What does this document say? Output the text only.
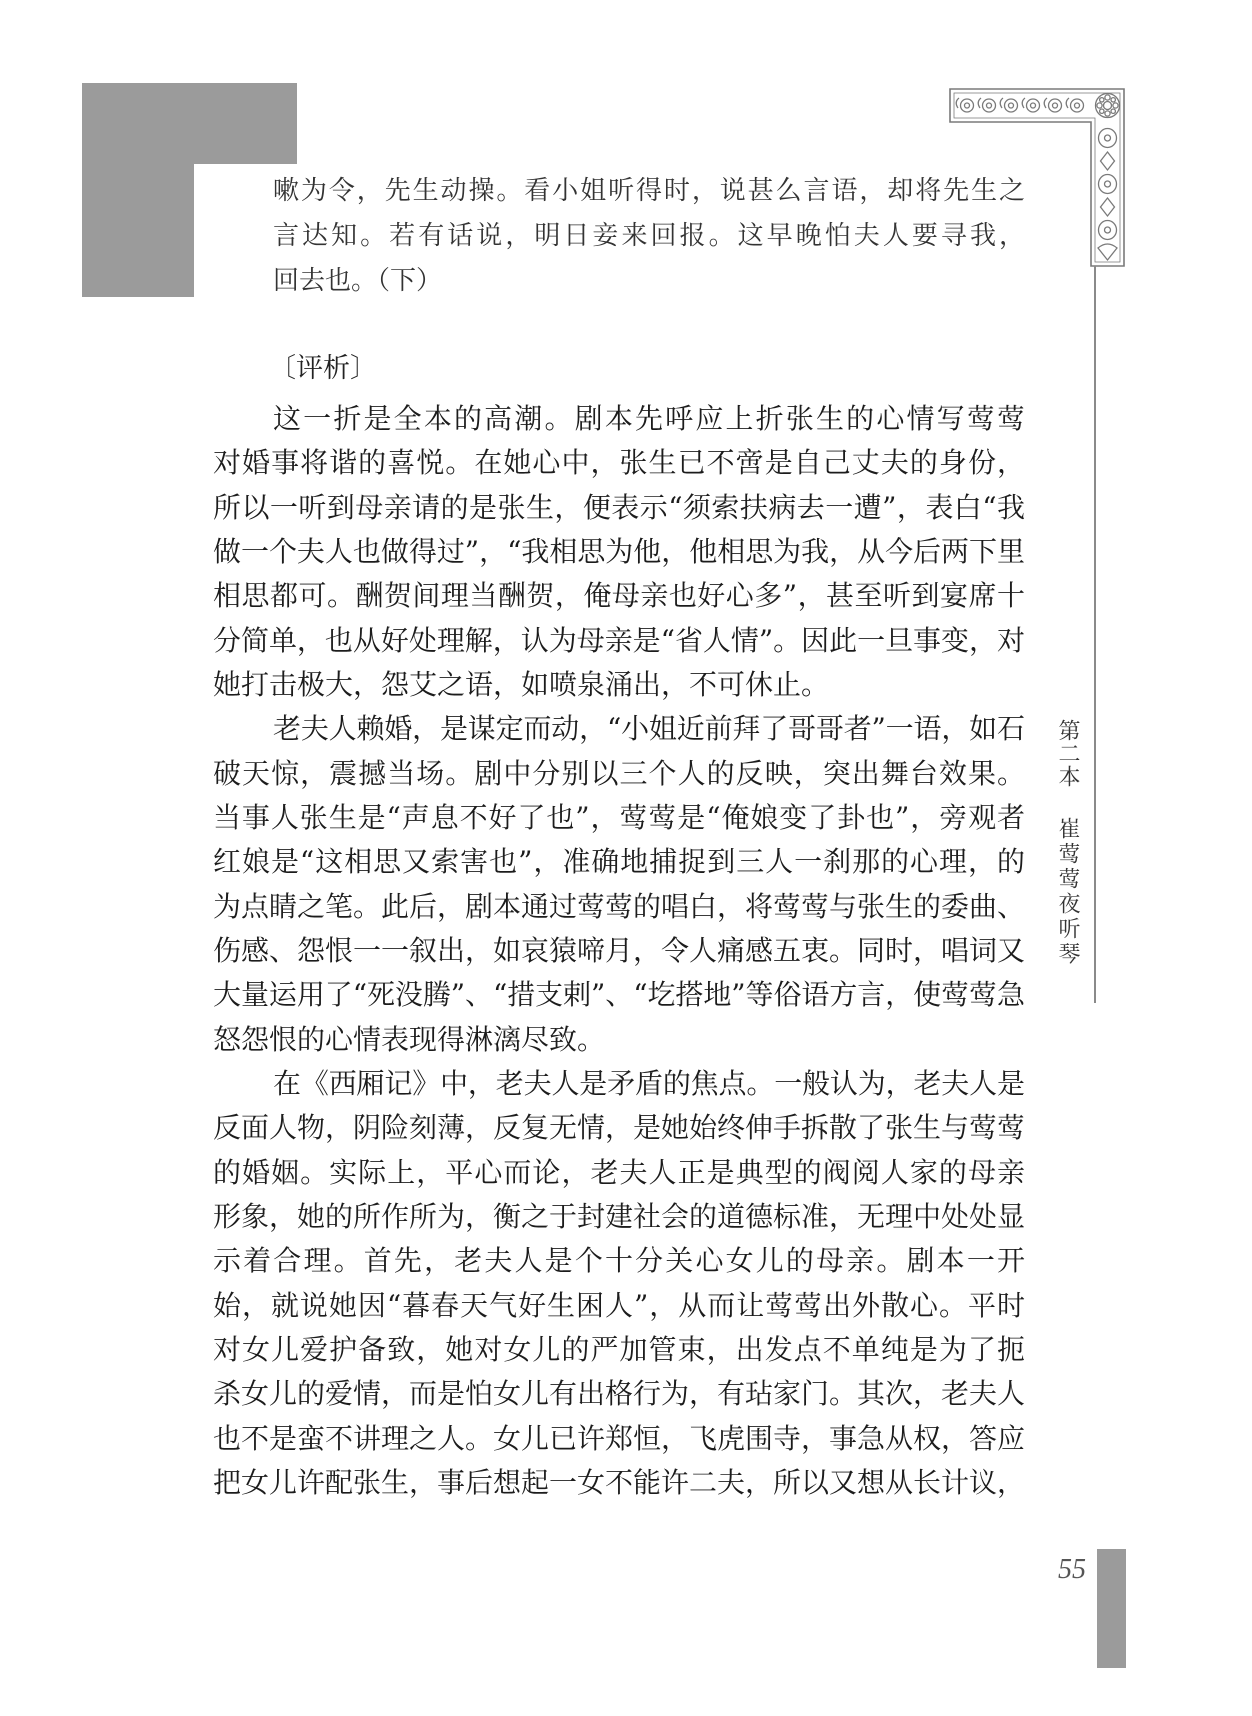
嗽为令，先生动操。看小姐听得时，说甚么言语，却将先生之
言达知。若有话说，明日妾来回报。这早晚怕夫人要寻我，
回去也。（下）
〔评析〕
这一折是全本的高潮。剧本先呼应上折张生的心情写莺莺
对婚事将谐的喜悦。在她心中，张生已不啻是自己丈夫的身份，
所以一听到母亲请的是张生，便表示“须索扶病去一遭”，表白“我
做一个夫人也做得过”，“我相思为他，他相思为我，从今后两下里
相思都可。酬贺间理当酬贺，俺母亲也好心多”，甚至听到宴席十
分简单，也从好处理解，认为母亲是“省人情”。因此一旦事变，对
她打击极大，怨艾之语，如喷泉涌出，不可休止。
老夫人赖婚，是谋定而动，“小姐近前拜了哥哥者”一语，如石
破天惊，震撼当场。剧中分别以三个人的反映，突出舞台效果。
当事人张生是“声息不好了也”，莺莺是“俺娘变了卦也”，旁观者
红娘是“这相思又索害也”，准确地捕捉到三人一刹那的心理，的
为点睛之笔。此后，剧本通过莺莺的唱白，将莺莺与张生的委曲、
伤感、怨恨一一叙出，如哀猿啼月，令人痛感五衷。同时，唱词又
大量运用了“死没腾”、“措支剌”、“圪搭地”等俗语方言，使莺莺急
怒怨恨的心情表现得淋漓尽致。
在《西厢记》中，老夫人是矛盾的焦点。一般认为，老夫人是
反面人物，阴险刻薄，反复无情，是她始终伸手拆散了张生与莺莺
的婚姻。实际上，平心而论，老夫人正是典型的阀阅人家的母亲
形象，她的所作所为，衡之于封建社会的道德标准，无理中处处显
示着合理。首先，老夫人是个十分关心女儿的母亲。剧本一开
始，就说她因“暮春天气好生困人”，从而让莺莺出外散心。平时
对女儿爱护备致，她对女儿的严加管束，出发点不单纯是为了扼
杀女儿的爱情，而是怕女儿有出格行为，有玷家门。其次，老夫人
也不是蛮不讲理之人。女儿已许郑恒，飞虎围寺，事急从权，答应
把女儿许配张生，事后想起一女不能许二夫，所以又想从长计议，
第二本
崔莺莺夜听琴
55
